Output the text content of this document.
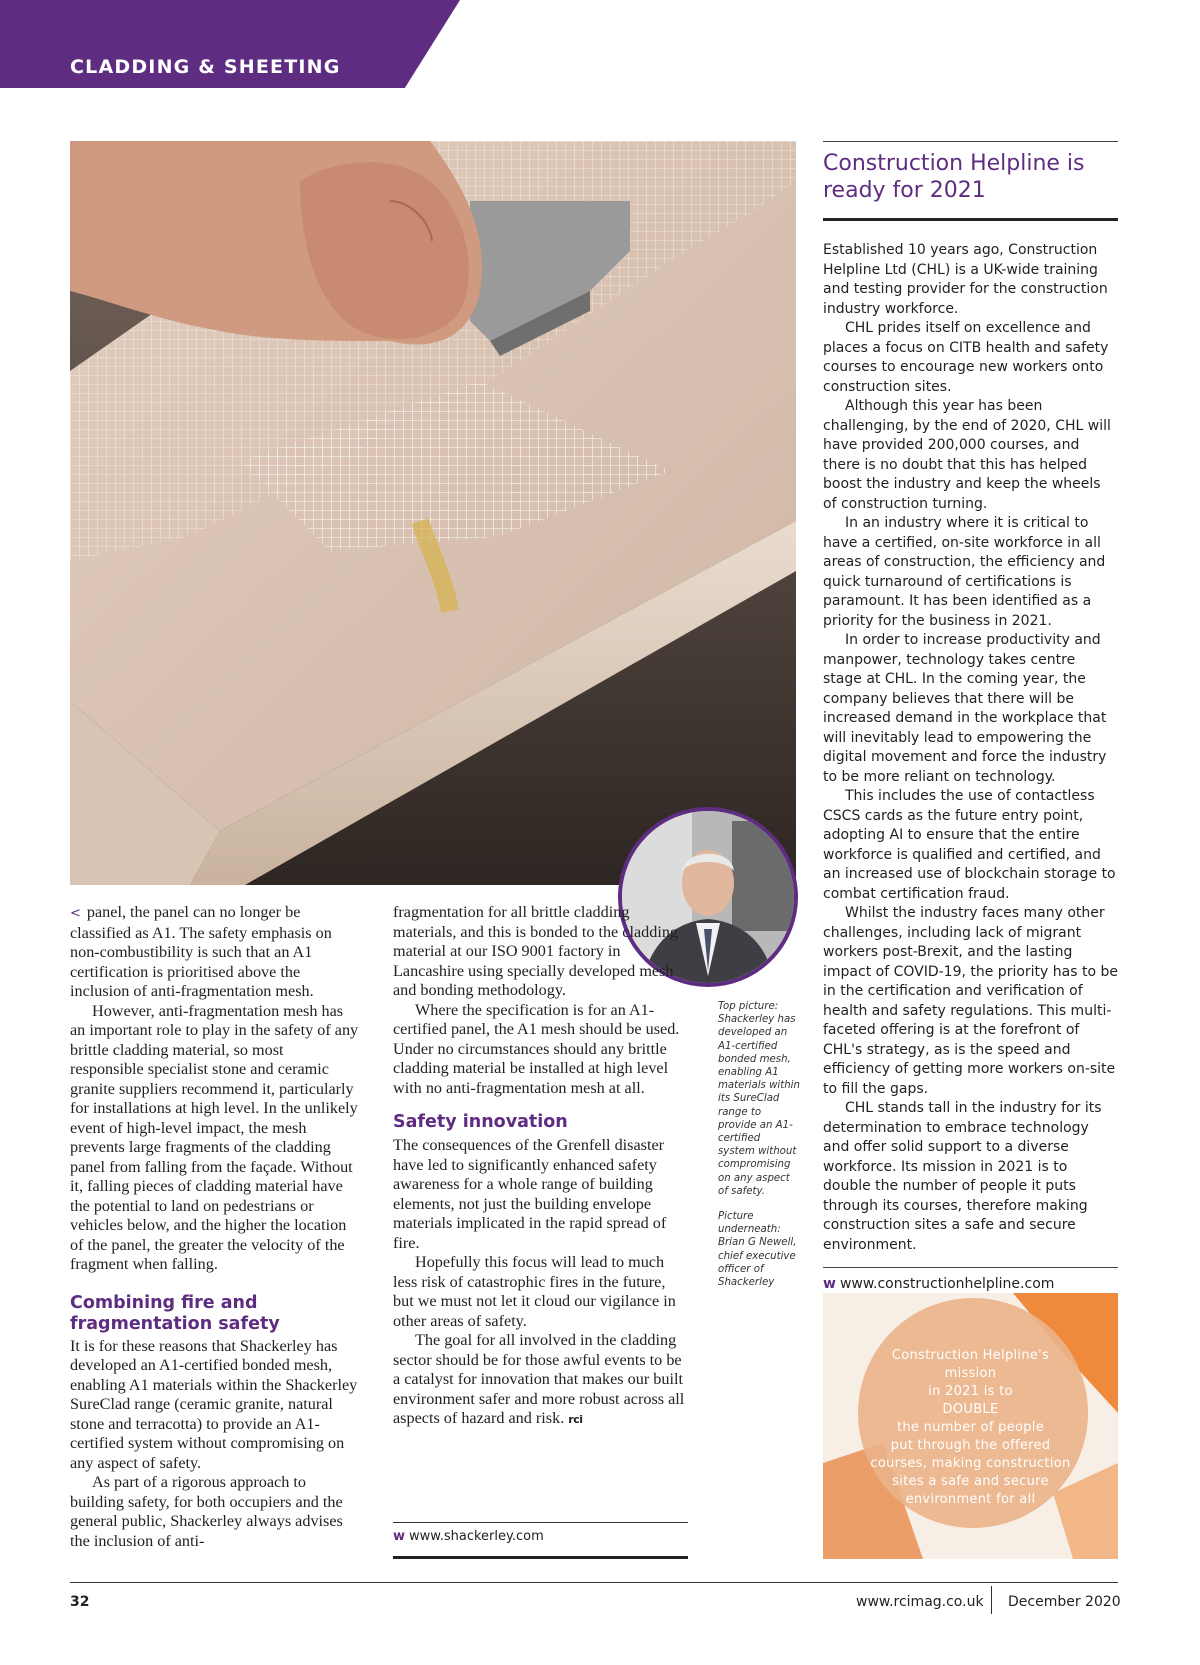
CLADDING & SHEETING

< panel, the panel can no longer be classified as A1. The safety emphasis on non-combustibility is such that an A1 certification is prioritised above the inclusion of anti-fragmentation mesh.

However, anti-fragmentation mesh has an important role to play in the safety of any brittle cladding material, so most responsible specialist stone and ceramic granite suppliers recommend it, particularly for installations at high level. In the unlikely event of high-level impact, the mesh prevents large fragments of the cladding panel from falling from the façade. Without it, falling pieces of cladding material have the potential to land on pedestrians or vehicles below, and the higher the location of the panel, the greater the velocity of the fragment when falling.

Combining fire and fragmentation safety

It is for these reasons that Shackerley has developed an A1-certified bonded mesh, enabling A1 materials within the Shackerley SureClad range (ceramic granite, natural stone and terracotta) to provide an A1-certified system without compromising on any aspect of safety.

As part of a rigorous approach to building safety, for both occupiers and the general public, Shackerley always advises the inclusion of anti-

fragmentation for all brittle cladding materials, and this is bonded to the cladding material at our ISO 9001 factory in Lancashire using specially developed mesh and bonding methodology.

Where the specification is for an A1-certified panel, the A1 mesh should be used. Under no circumstances should any brittle cladding material be installed at high level with no anti-fragmentation mesh at all.

Safety innovation

The consequences of the Grenfell disaster have led to significantly enhanced safety awareness for a whole range of building elements, not just the building envelope materials implicated in the rapid spread of fire.

Hopefully this focus will lead to much less risk of catastrophic fires in the future, but we must not let it cloud our vigilance in other areas of safety.

The goal for all involved in the cladding sector should be for those awful events to be a catalyst for innovation that makes our built environment safer and more robust across all aspects of hazard and risk. rci

w www.shackerley.com

Top picture: Shackerley has developed an A1-certified bonded mesh, enabling A1 materials within its SureClad range to provide an A1-certified system without compromising on any aspect of safety.

Picture underneath: Brian G Newell, chief executive officer of Shackerley

Construction Helpline is ready for 2021

Established 10 years ago, Construction Helpline Ltd (CHL) is a UK-wide training and testing provider for the construction industry workforce.

CHL prides itself on excellence and places a focus on CITB health and safety courses to encourage new workers onto construction sites.

Although this year has been challenging, by the end of 2020, CHL will have provided 200,000 courses, and there is no doubt that this has helped boost the industry and keep the wheels of construction turning.

In an industry where it is critical to have a certified, on-site workforce in all areas of construction, the efficiency and quick turnaround of certifications is paramount. It has been identified as a priority for the business in 2021.

In order to increase productivity and manpower, technology takes centre stage at CHL. In the coming year, the company believes that there will be increased demand in the workplace that will inevitably lead to empowering the digital movement and force the industry to be more reliant on technology.

This includes the use of contactless CSCS cards as the future entry point, adopting AI to ensure that the entire workforce is qualified and certified, and an increased use of blockchain storage to combat certification fraud.

Whilst the industry faces many other challenges, including lack of migrant workers post-Brexit, and the lasting impact of COVID-19, the priority has to be in the certification and verification of health and safety regulations. This multi-faceted offering is at the forefront of CHL's strategy, as is the speed and efficiency of getting more workers on-site to fill the gaps.

CHL stands tall in the industry for its determination to embrace technology and offer solid support to a diverse workforce. Its mission in 2021 is to double the number of people it puts through its courses, therefore making construction sites a safe and secure environment.

w www.constructionhelpline.com
Construction Helpline's
mission
in 2021 is to
DOUBLE
the number of people
put through the offered
courses, making construction
sites a safe and secure
environment for all
32	www.rcimag.co.uk December 2020
